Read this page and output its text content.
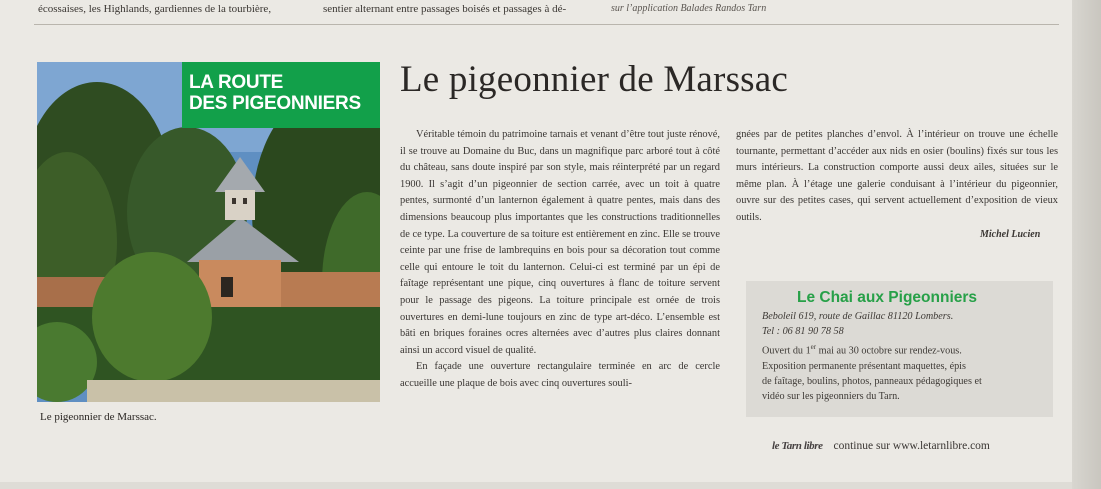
écossaises, les Highlands, gardiennes de la tourbière,	sentier alternant entre passages boisés et passages à dé-	sur l’application Balades Randos Tarn
LA ROUTE
DES PIGEONNIERS
Le pigeonnier de Marssac.
Le pigeonnier de Marssac

Véritable témoin du patrimoine tarnais et venant d’être tout juste rénové, il se trouve au Domaine du Buc, dans un magnifique parc arboré tout à côté du château, sans doute inspiré par son style, mais réinterprété par un regard 1900. Il s’agit d’un pigeonnier de section carrée, avec un toit à quatre pentes, surmonté d’un lanternon également à quatre pentes, mais dans des dimensions beaucoup plus importantes que les constructions traditionnelles de ce type. La couverture de sa toiture est entièrement en zinc. Elle se trouve ceinte par une frise de lambrequins en bois pour sa décoration tout comme celle qui entoure le toit du lanternon. Celui-ci est terminé par un épi de faîtage représentant une pique, cinq ouvertures à flanc de toiture servent pour le passage des pigeons. La toiture principale est ornée de trois ouvertures en demi-lune toujours en zinc de type art-déco. L’ensemble est bâti en briques foraines ocres alternées avec d’autres plus claires donnant ainsi un accord visuel de qualité.

En façade une ouverture rectangulaire terminée en arc de cercle accueille une plaque de bois avec cinq ouvertures souli-

gnées par de petites planches d’envol. À l’intérieur on trouve une échelle tournante, permettant d’accéder aux nids en osier (boulins) fixés sur tous les murs intérieurs. La construction comporte aussi deux ailes, situées sur le même plan. À l’étage une galerie conduisant à l’intérieur du pigeonnier, ouvre sur des petites cases, qui servent actuellement d’exposition de vieux outils.

Michel Lucien
Le Chai aux Pigeonniers
Beboleil 619, route de Gaillac 81120 Lombers.
Tel : 06 81 90 78 58
Ouvert du 1er mai au 30 octobre sur rendez-vous.
Exposition permanente présentant maquettes, épis
de faîtage, boulins, photos, panneaux pédagogiques et
vidéo sur les pigeonniers du Tarn.
le Tarn libre continue sur www.letarnlibre.com
